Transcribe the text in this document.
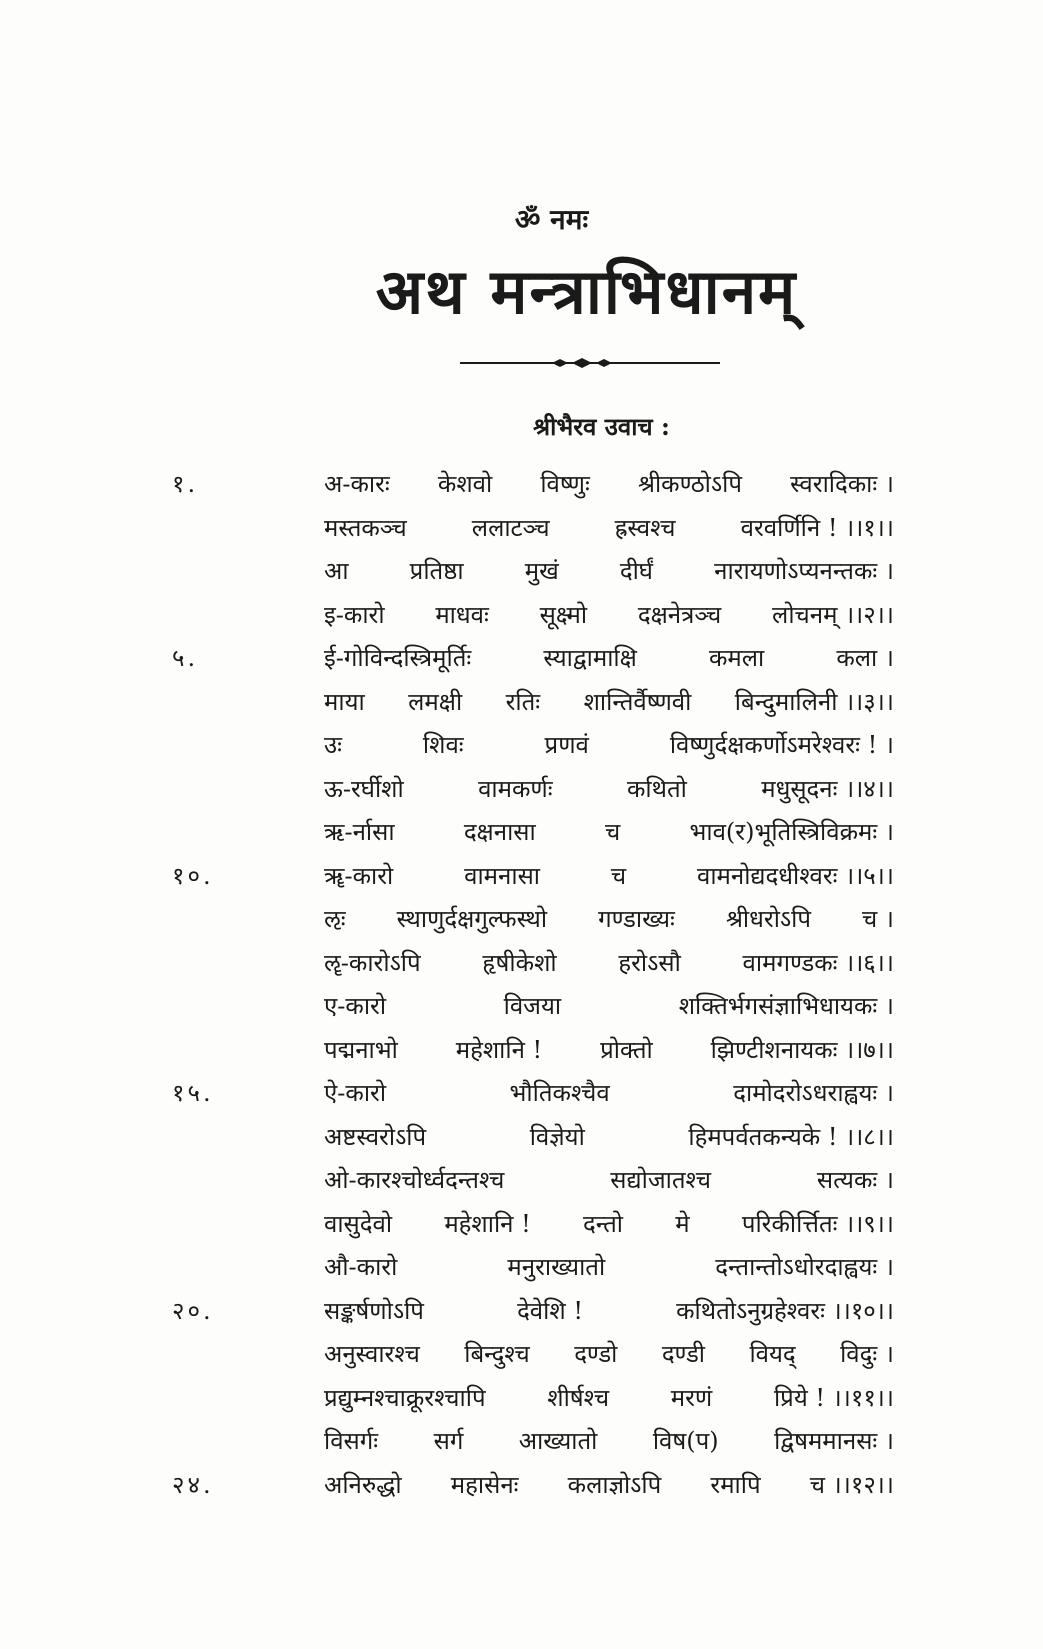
ॐ नमः
अथ मन्त्राभिधानम्
श्रीभैरव उवाच :
१.	अ-कारः केशवो विष्णुः श्रीकण्ठोऽपि स्वरादिकाः ।
मस्तकञ्च	ललाटञ्च	ह्रस्वश्च	वरवर्णिनि ! ।।१।।
आ	प्रतिष्ठा	मुखं	दीर्घं	नारायणोऽप्यनन्तकः ।
इ-कारो माधवः सूक्ष्मो दक्षनेत्रञ्च लोचनम् ।।२।।
५.	ई-गोविन्दस्त्रिमूर्तिः	स्याद्वामाक्षि	कमला	कला ।
माया लमक्षी रतिः शान्तिर्वैष्णवी बिन्दुमालिनी ।।३।।
उः	शिवः	प्रणवं	विष्णुर्दक्षकर्णोऽमरेश्वरः ! ।
ऊ-रर्घीशो	वामकर्णः	कथितो	मधुसूदनः ।।४।।
ऋ-र्नासा	दक्षनासा	च	भाव(र)भूतिस्त्रिविक्रमः ।
१०.	ॠ-कारो	वामनासा	च	वामनोद्यदधीश्वरः ।।५।।
ऌः स्थाणुर्दक्षगुल्फस्थो गण्डाख्यः श्रीधरोऽपि च ।
ॡ-कारोऽपि	हृषीकेशो	हरोऽसौ	वामगण्डकः ।।६।।
ए-कारो	विजया	शक्तिर्भगसंज्ञाभिधायकः ।
पद्मनाभो महेशानि ! प्रोक्तो झिण्टीशनायकः ।।७।।
१५.	ऐ-कारो	भौतिकश्चैव	दामोदरोऽधराह्वयः ।
अष्टस्वरोऽपि	विज्ञेयो	हिमपर्वतकन्यके ! ।।८।।
ओ-कारश्चोर्ध्वदन्तश्च	सद्योजातश्च	सत्यकः ।
वासुदेवो महेशानि ! दन्तो मे परिकीर्त्तितः ।।९।।
औ-कारो	मनुराख्यातो	दन्तान्तोऽधोरदाह्वयः ।
२०.	सङ्कर्षणोऽपि	देवेशि !	कथितोऽनुग्रहेश्वरः ।।१०।।
अनुस्वारश्च बिन्दुश्च दण्डो दण्डी वियद् विदुः ।
प्रद्युम्नश्चाक्रूरश्चापि	शीर्षश्च	मरणं	प्रिये ! ।।११।।
विसर्गः सर्ग आख्यातो विष(प) द्विषममानसः ।
२४.	अनिरुद्धो महासेनः कलाज्ञोऽपि रमापि च ।।१२।।
